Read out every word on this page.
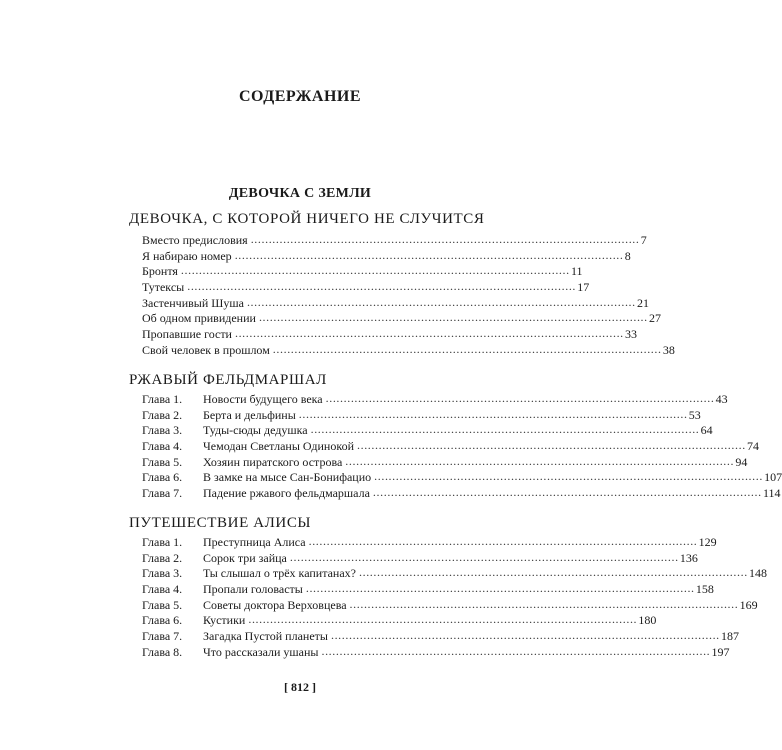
СОДЕРЖАНИЕ
ДЕВОЧКА С ЗЕМЛИ
ДЕВОЧКА, С КОТОРОЙ НИЧЕГО НЕ СЛУЧИТСЯ
Вместо предисловия . . .	7
Я набираю номер . . .	8
Бронтя . . .	11
Тутексы . . .	17
Застенчивый Шуша . . .	21
Об одном привидении . . .	27
Пропавшие гости . . .	33
Свой человек в прошлом . . .	38
РЖАВЫЙ ФЕЛЬДМАРШАЛ
Глава 1.	Новости будущего века . . .	43
Глава 2.	Берта и дельфины . . .	53
Глава 3.	Туды-сюды дедушка . . .	64
Глава 4.	Чемодан Светланы Одинокой . . .	74
Глава 5.	Хозяин пиратского острова . . .	94
Глава 6.	В замке на мысе Сан-Бонифацио . . .	107
Глава 7.	Падение ржавого фельдмаршала . . .	114
ПУТЕШЕСТВИЕ АЛИСЫ
Глава 1.	Преступница Алиса . . .	129
Глава 2.	Сорок три зайца . . .	136
Глава 3.	Ты слышал о трёх капитанах? . . .	148
Глава 4.	Пропали головасты . . .	158
Глава 5.	Советы доктора Верховцева . . .	169
Глава 6.	Кустики . . .	180
Глава 7.	Загадка Пустой планеты . . .	187
Глава 8.	Что рассказали ушаны . . .	197
[ 812 ]
